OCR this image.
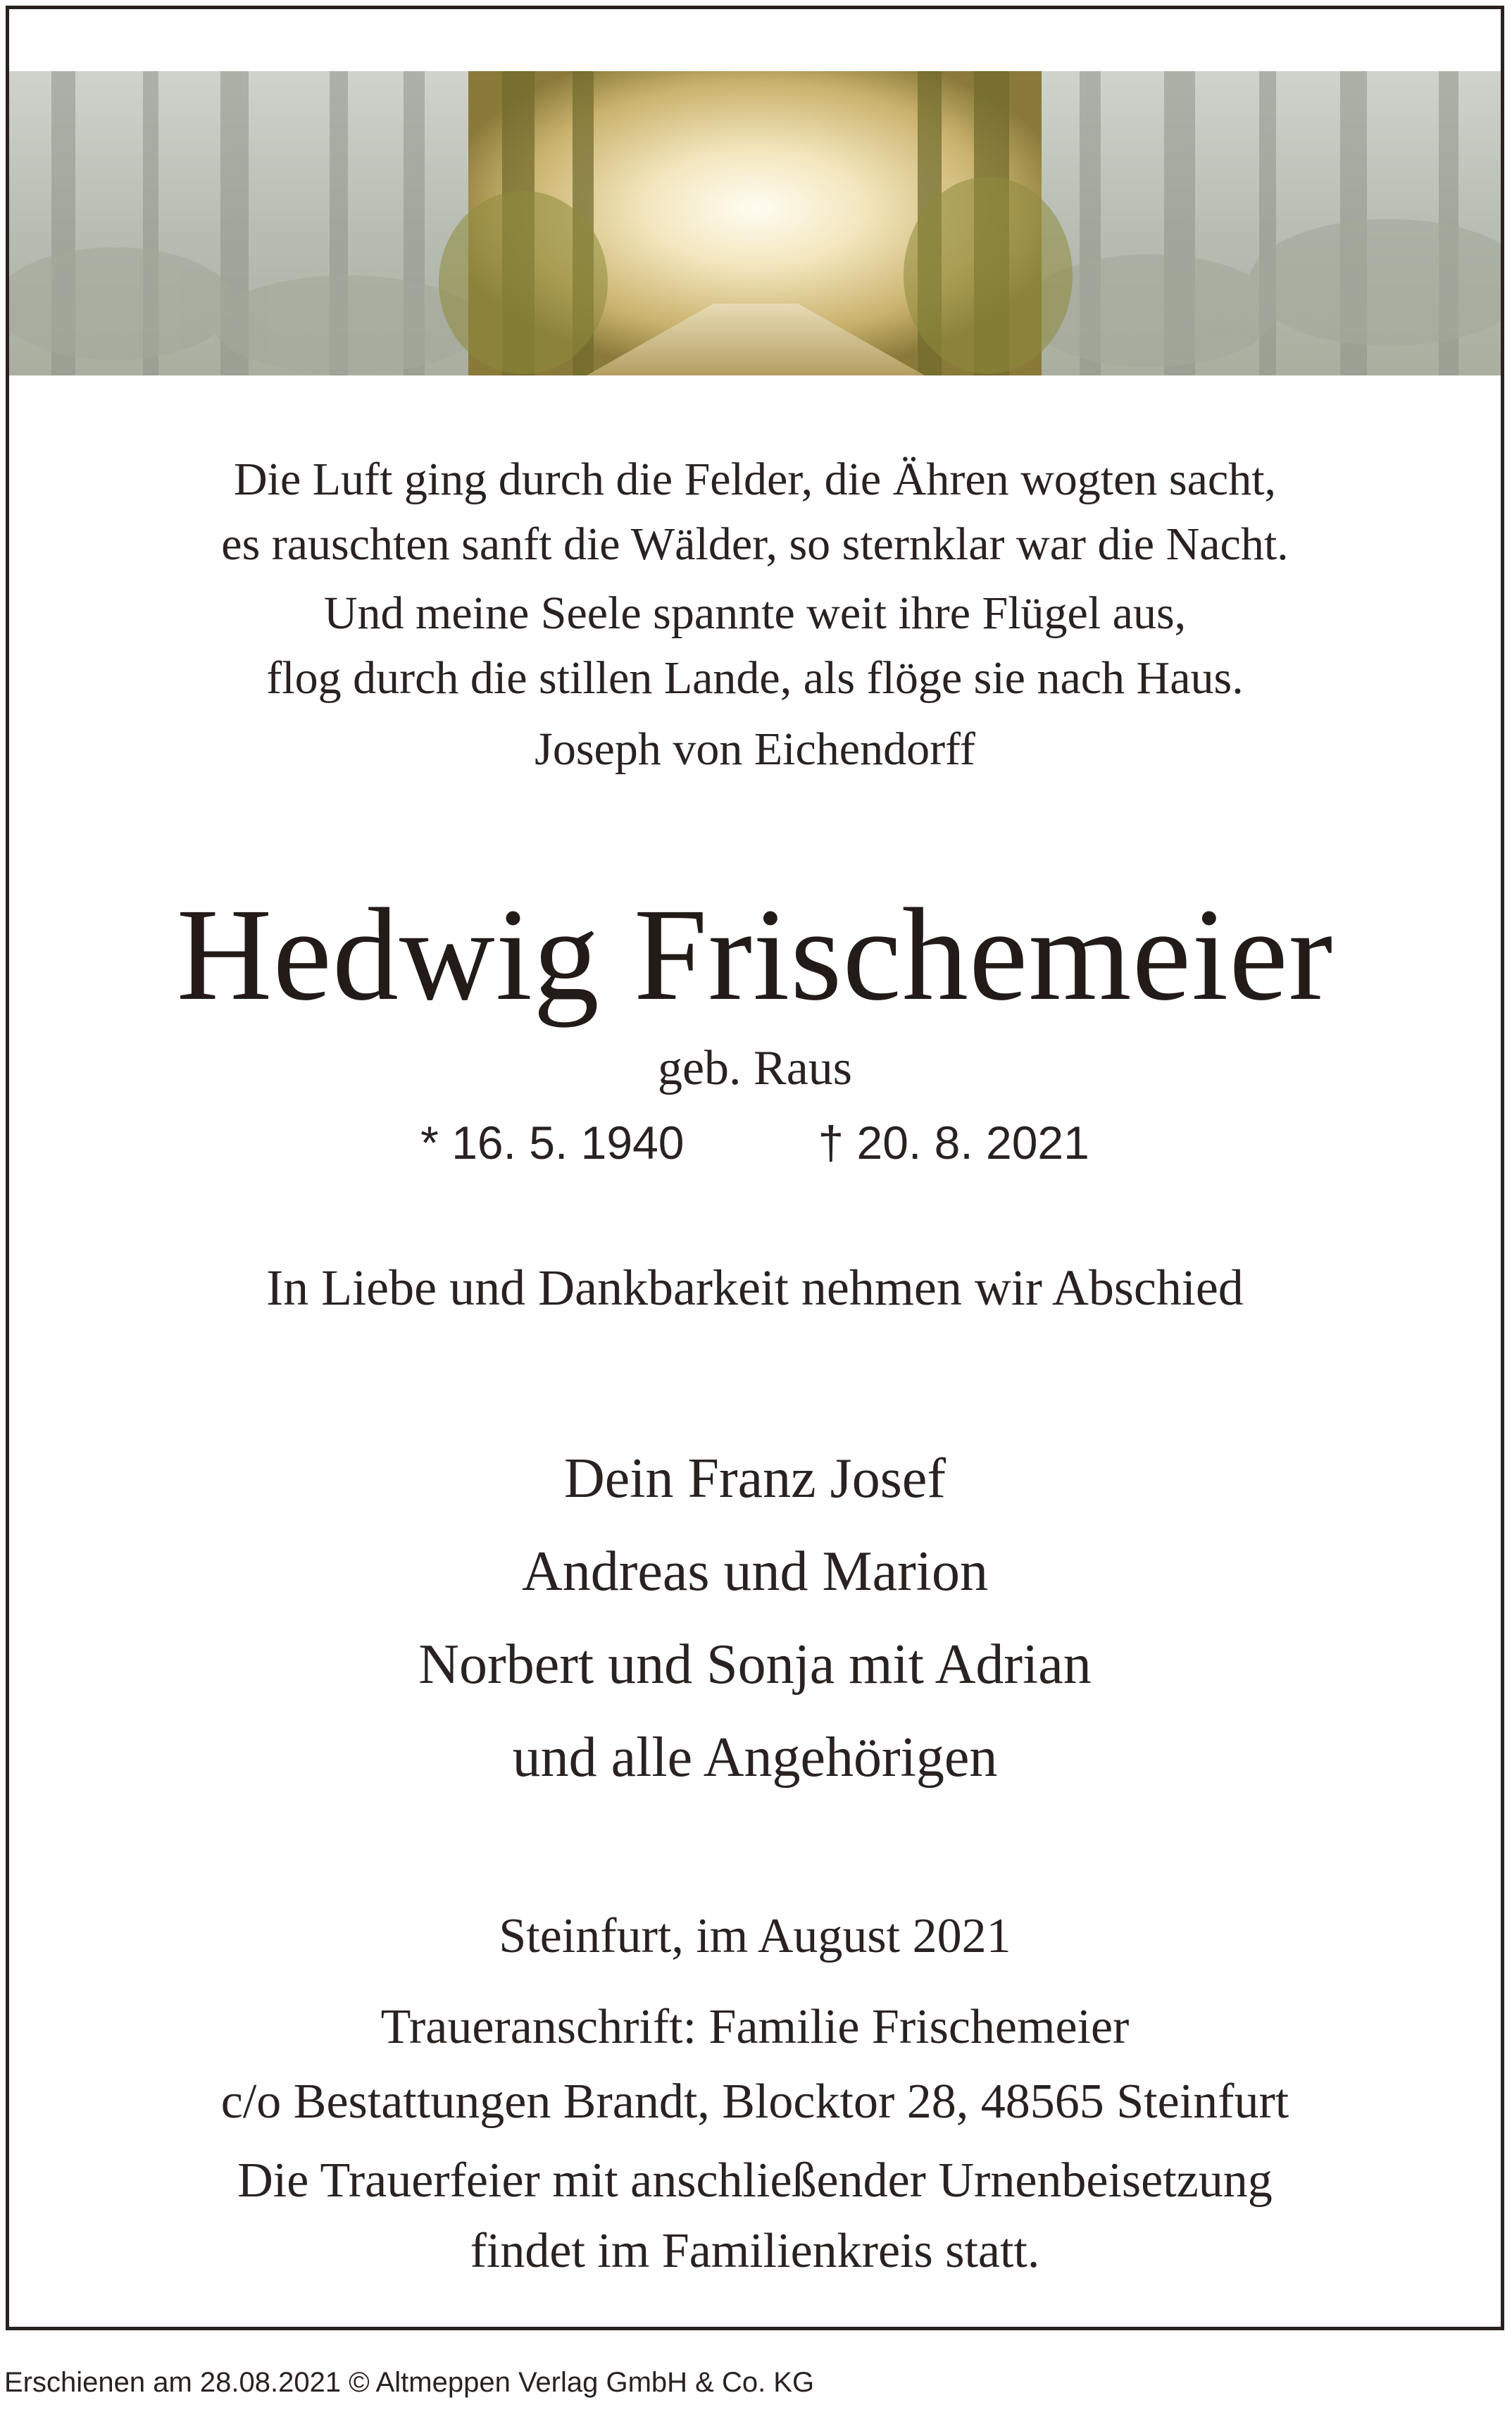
Die Luft ging durch die Felder, die Ähren wogten sacht,
es rauschten sanft die Wälder, so sternklar war die Nacht.
Und meine Seele spannte weit ihre Flügel aus,
flog durch die stillen Lande, als flöge sie nach Haus.
Joseph von Eichendorff
Hedwig Frischemeier
geb. Raus
* 16. 5. 1940	† 20. 8. 2021
In Liebe und Dankbarkeit nehmen wir Abschied
Dein Franz Josef
Andreas und Marion
Norbert und Sonja mit Adrian
und alle Angehörigen
Steinfurt, im August 2021
Traueranschrift: Familie Frischemeier
c/o Bestattungen Brandt, Blocktor 28, 48565 Steinfurt
Die Trauerfeier mit anschließender Urnenbeisetzung
findet im Familienkreis statt.
Erschienen am 28.08.2021 © Altmeppen Verlag GmbH & Co. KG
